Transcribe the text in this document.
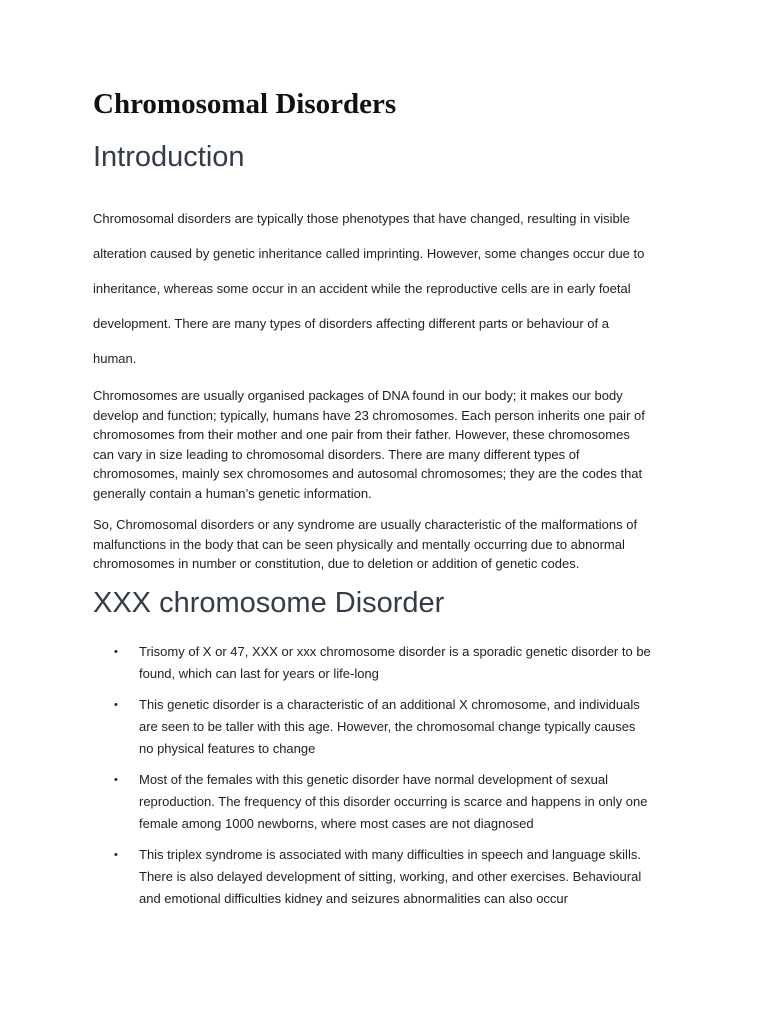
Chromosomal Disorders
Introduction

Chromosomal disorders are typically those phenotypes that have changed, resulting in visible
alteration caused by genetic inheritance called imprinting. However, some changes occur due to
inheritance, whereas some occur in an accident while the reproductive cells are in early foetal
development. There are many types of disorders affecting different parts or behaviour of a
human.

Chromosomes are usually organised packages of DNA found in our body; it makes our body
develop and function; typically, humans have 23 chromosomes. Each person inherits one pair of
chromosomes from their mother and one pair from their father. However, these chromosomes
can vary in size leading to chromosomal disorders. There are many different types of
chromosomes, mainly sex chromosomes and autosomal chromosomes; they are the codes that
generally contain a human’s genetic information.

So, Chromosomal disorders or any syndrome are usually characteristic of the malformations of
malfunctions in the body that can be seen physically and mentally occurring due to abnormal
chromosomes in number or constitution, due to deletion or addition of genetic codes.

XXX chromosome Disorder
• Trisomy of X or 47, XXX or xxx chromosome disorder is a sporadic genetic disorder to be
found, which can last for years or life-long
• This genetic disorder is a characteristic of an additional X chromosome, and individuals
are seen to be taller with this age. However, the chromosomal change typically causes
no physical features to change
• Most of the females with this genetic disorder have normal development of sexual
reproduction. The frequency of this disorder occurring is scarce and happens in only one
female among 1000 newborns, where most cases are not diagnosed
• This triplex syndrome is associated with many difficulties in speech and language skills.
There is also delayed development of sitting, working, and other exercises. Behavioural
and emotional difficulties kidney and seizures abnormalities can also occur
